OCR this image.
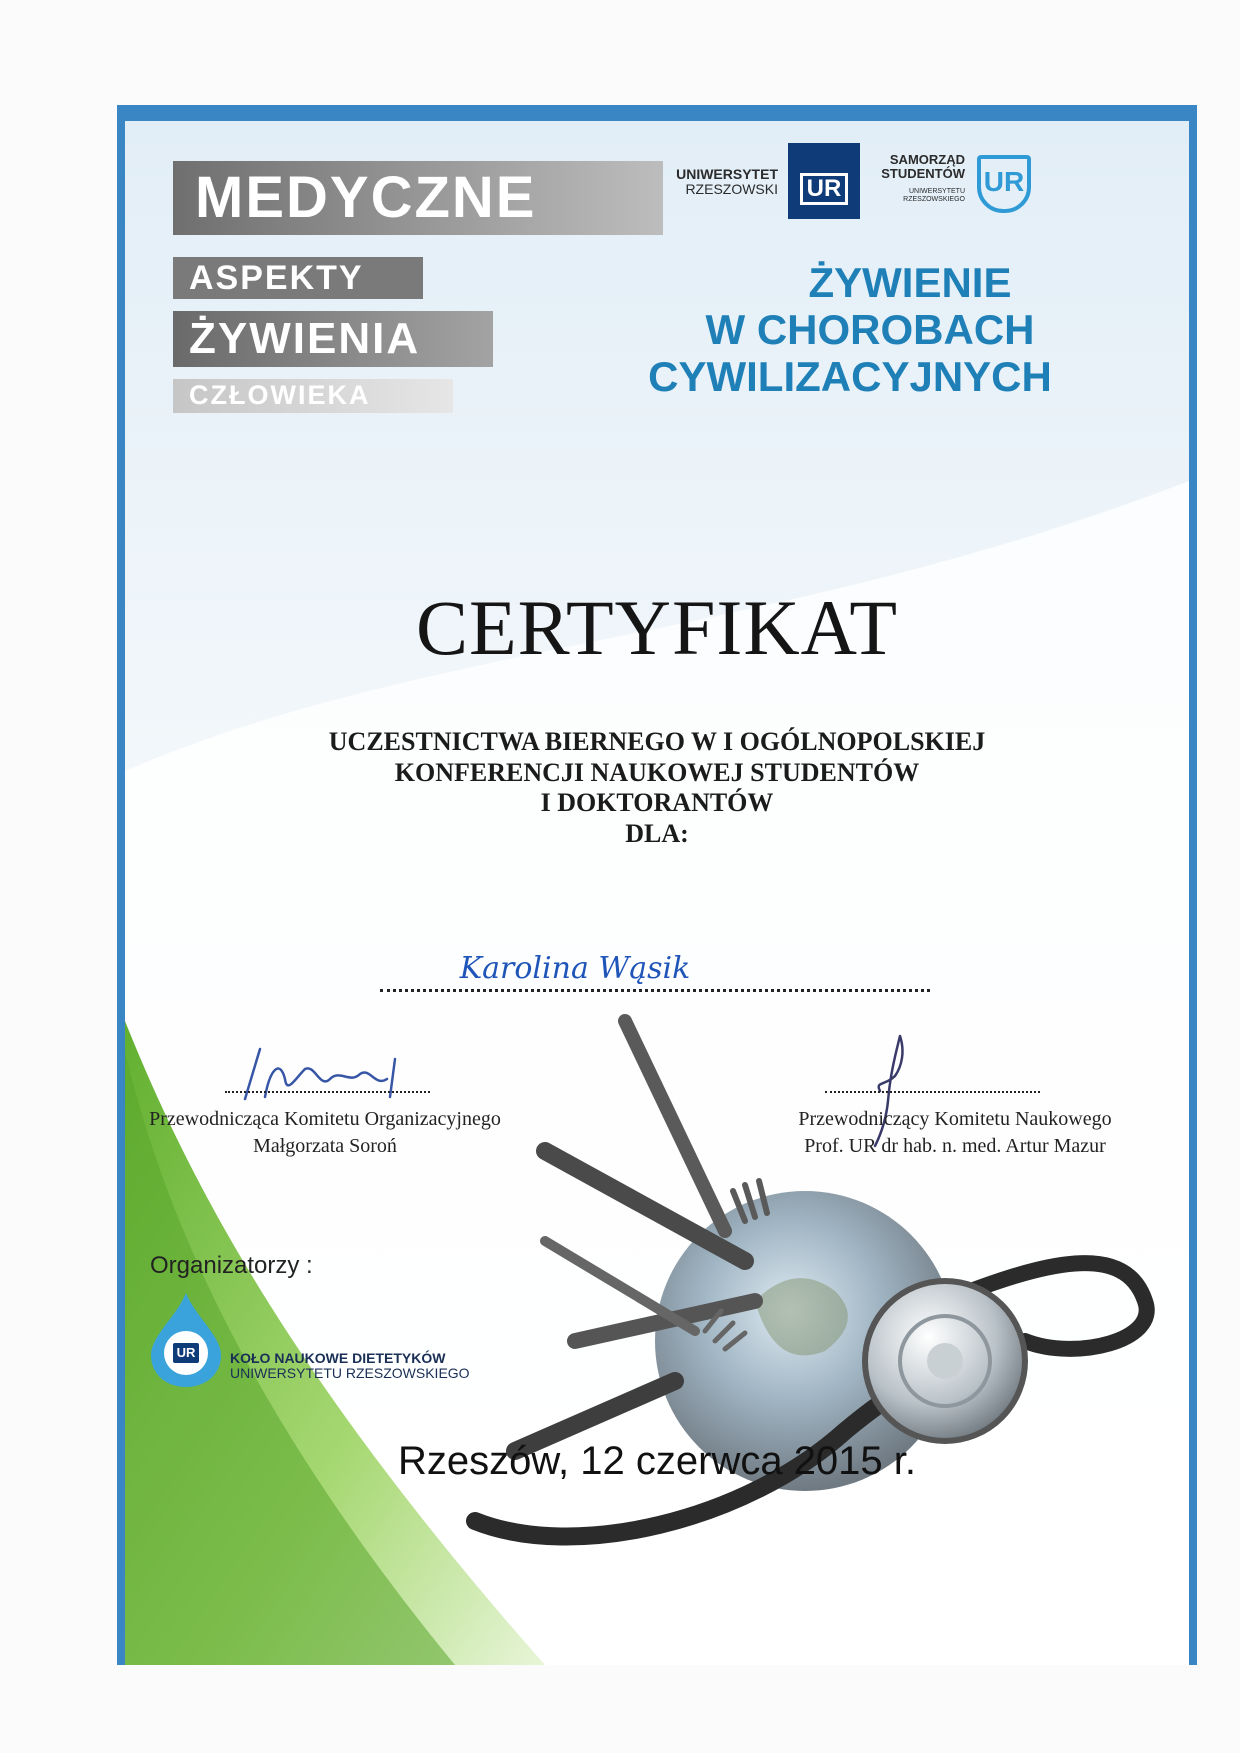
MEDYCZNE
ASPEKTY
ŻYWIENIA
CZŁOWIEKA
UNIWERSYTET
RZESZOWSKI	UR
SAMORZĄD
STUDENTÓW
UNIWERSYTETU
RZESZOWSKIEGO
UR
ŻYWIENIE
W CHOROBACH
CYWILIZACYJNYCH
CERTYFIKAT
UCZESTNICTWA BIERNEGO W I OGÓLNOPOLSKIEJ
KONFERENCJI NAUKOWEJ STUDENTÓW
I DOKTORANTÓW
DLA:
Karolina Wąsik
Przewodnicząca Komitetu Organizacyjnego
Małgorzata Soroń
Przewodniczący Komitetu Naukowego
Prof. UR dr hab. n. med. Artur Mazur
Organizatorzy :
UR KOŁO NAUKOWE DIETETYKÓW
UNIWERSYTETU RZESZOWSKIEGO
Rzeszów, 12 czerwca 2015 r.
